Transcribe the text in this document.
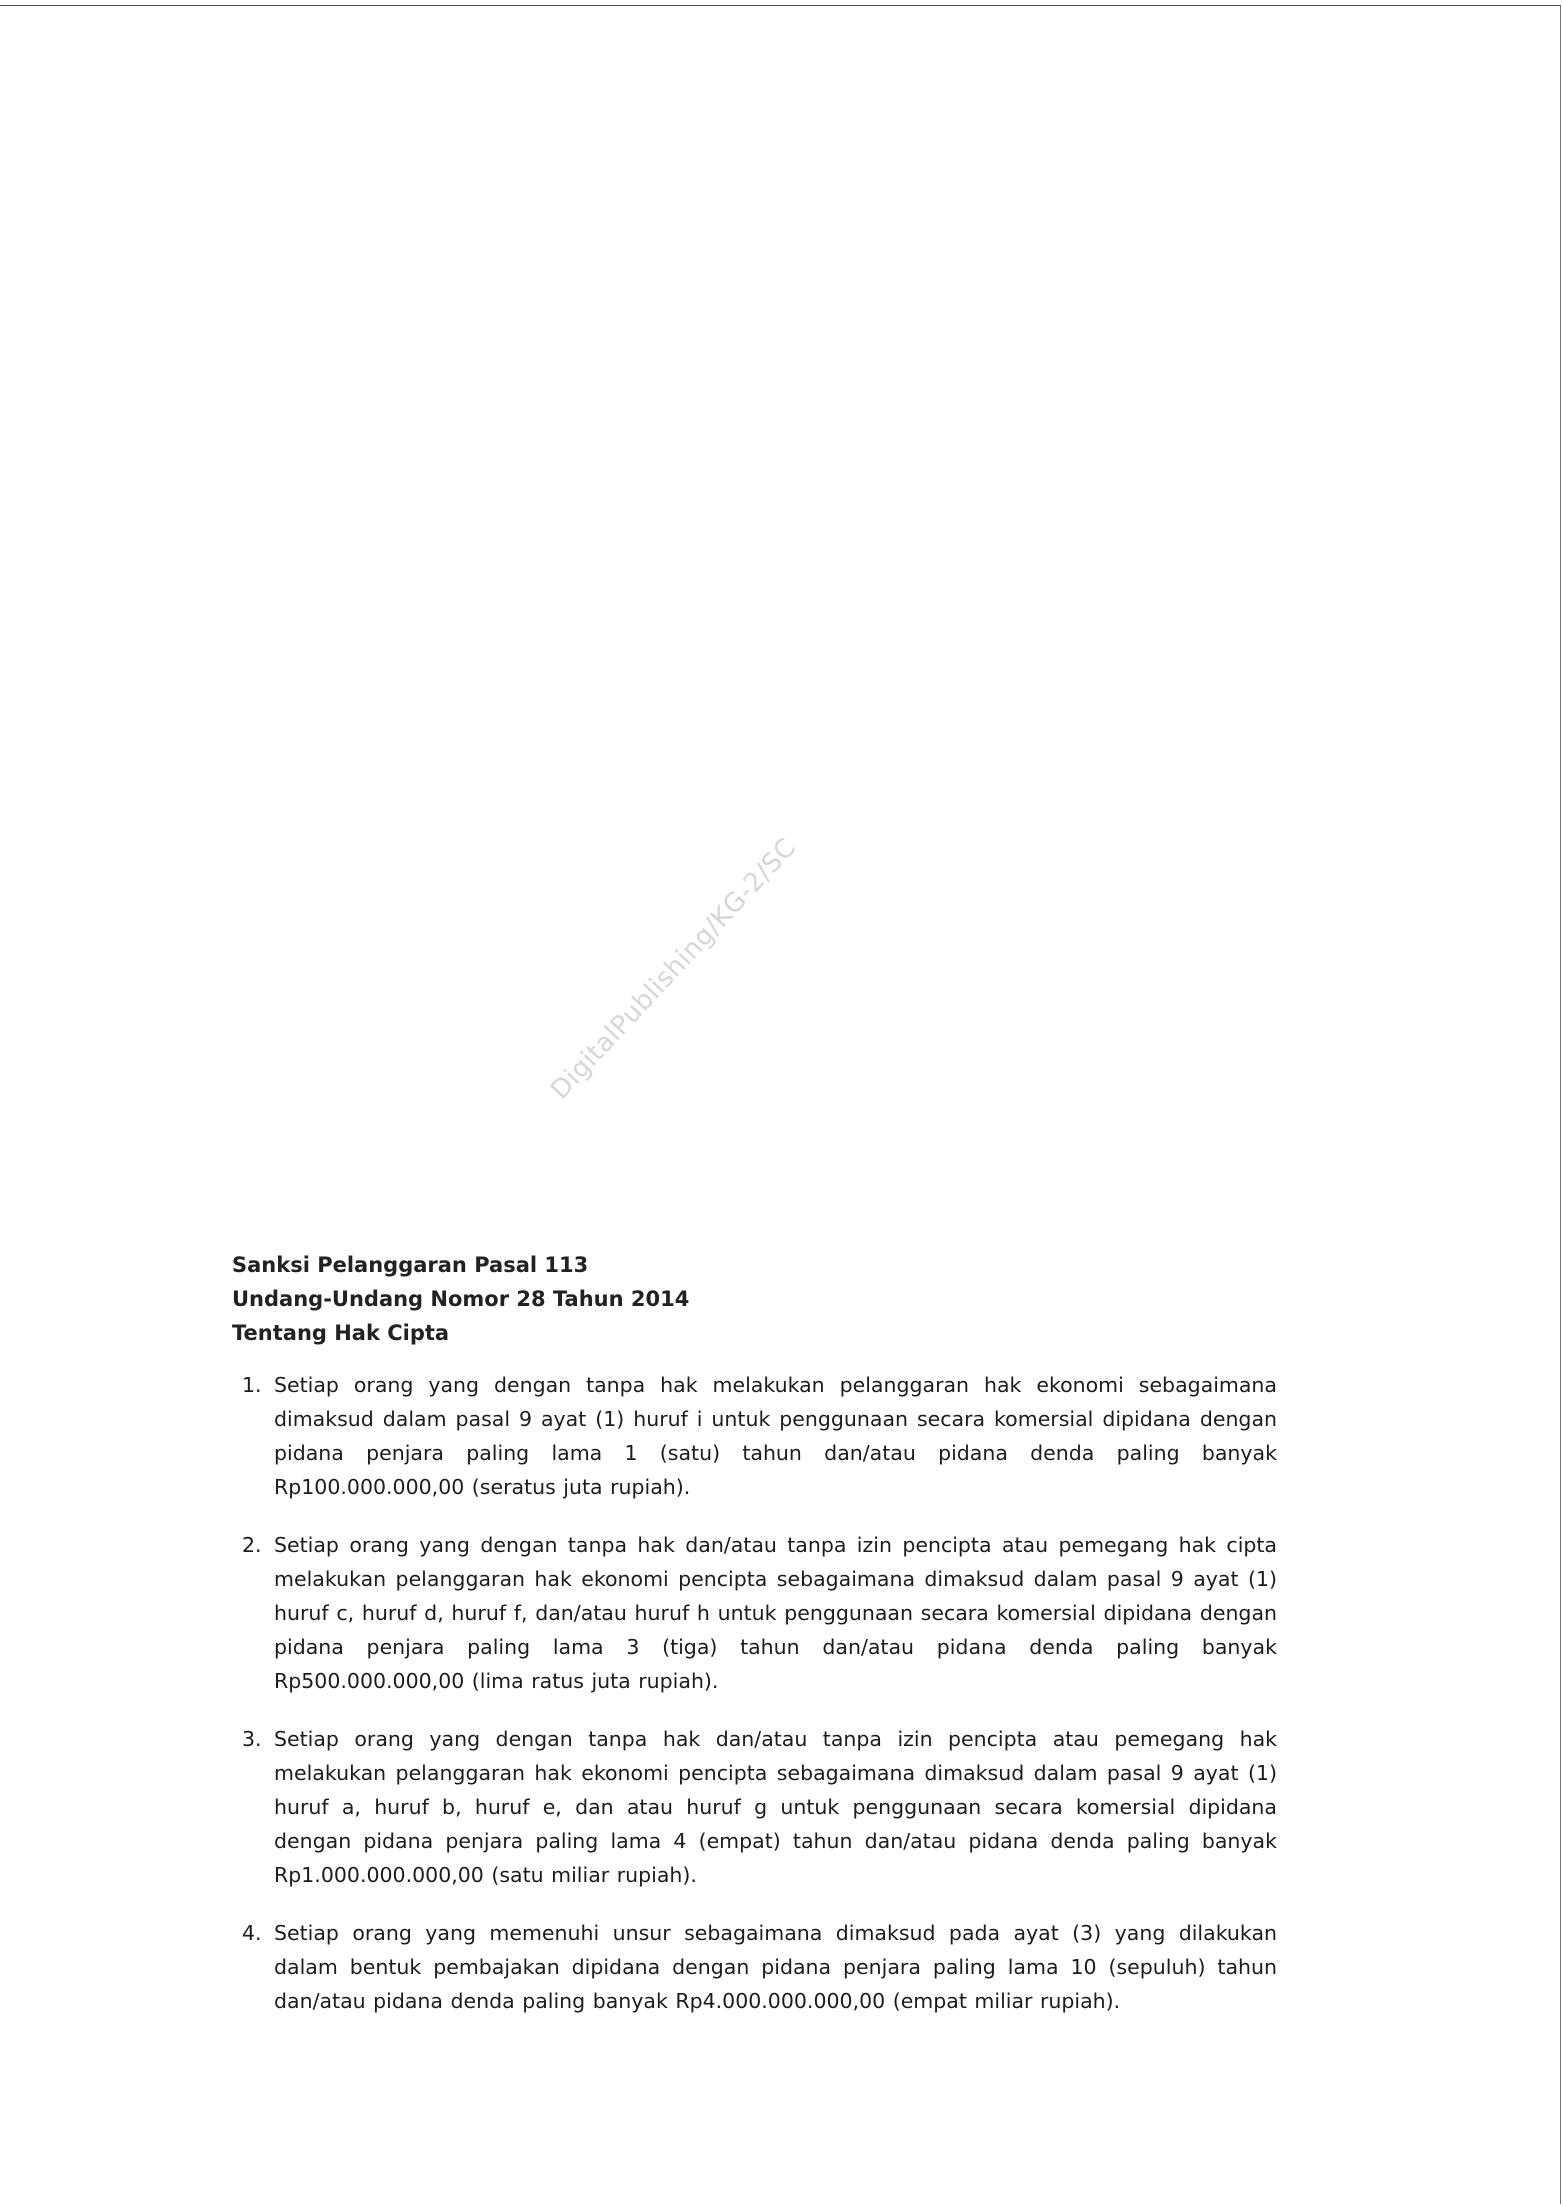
DigitalPublishing/KG-2/SC
Sanksi Pelanggaran Pasal 113
Undang-Undang Nomor 28 Tahun 2014
Tentang Hak Cipta
1. Setiap orang yang dengan tanpa hak melakukan pelanggaran hak ekonomi sebagaimana dimaksud dalam pasal 9 ayat (1) huruf i untuk penggunaan secara komersial dipidana dengan pidana penjara paling lama 1 (satu) tahun dan/atau pidana denda paling banyak Rp100.000.000,00 (seratus juta rupiah).
2. Setiap orang yang dengan tanpa hak dan/atau tanpa izin pencipta atau pemegang hak cipta melakukan pelanggaran hak ekonomi pencipta sebagaimana dimaksud dalam pasal 9 ayat (1) huruf c, huruf d, huruf f, dan/atau huruf h untuk penggunaan secara komersial dipidana dengan pidana penjara paling lama 3 (tiga) tahun dan/atau pidana denda paling banyak Rp500.000.000,00 (lima ratus juta rupiah).
3. Setiap orang yang dengan tanpa hak dan/atau tanpa izin pencipta atau pemegang hak melakukan pelanggaran hak ekonomi pencipta sebagaimana dimaksud dalam pasal 9 ayat (1) huruf a, huruf b, huruf e, dan atau huruf g untuk penggunaan secara komersial dipidana dengan pidana penjara paling lama 4 (empat) tahun dan/atau pidana denda paling banyak Rp1.000.000.000,00 (satu miliar rupiah).
4. Setiap orang yang memenuhi unsur sebagaimana dimaksud pada ayat (3) yang dilakukan dalam bentuk pembajakan dipidana dengan pidana penjara paling lama 10 (sepuluh) tahun dan/atau pidana denda paling banyak Rp4.000.000.000,00 (empat miliar rupiah).
